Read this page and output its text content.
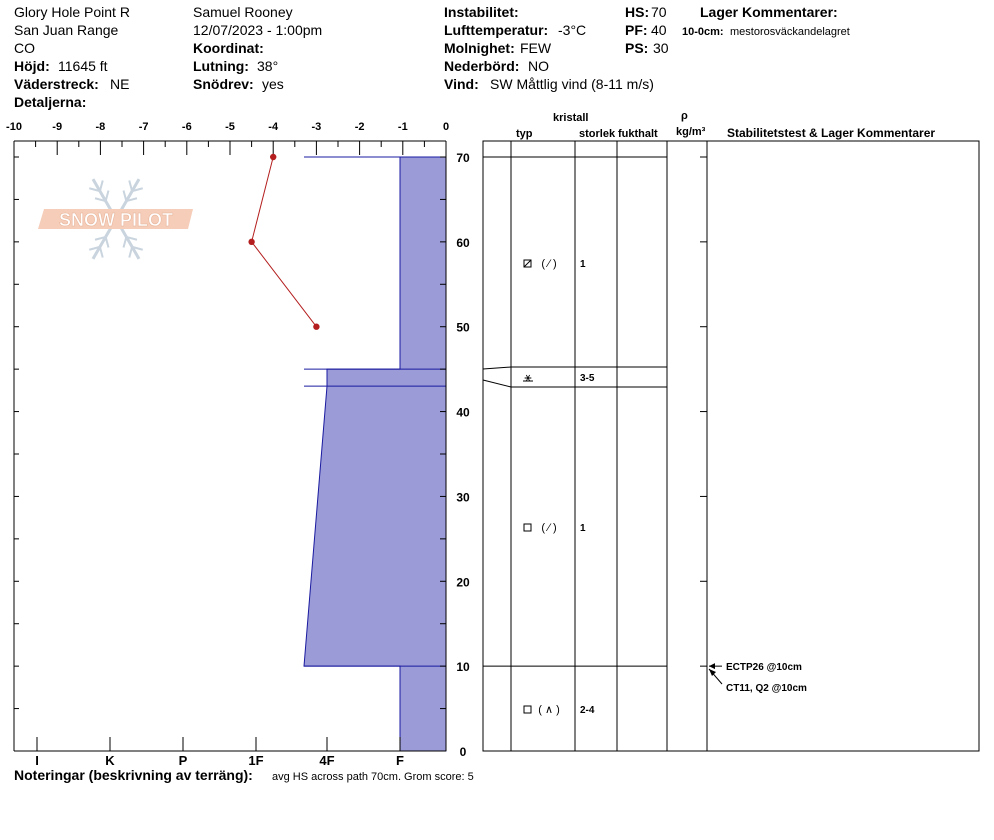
Glory Hole Point R
San Juan Range
CO
Höjd: 11645 ft
Väderstreck: NE
Detaljerna:
Samuel Rooney
12/07/2023 - 1:00pm
Koordinat:
Lutning: 38°
Snödrev: yes
Instabilitet:
Lufttemperatur: -3°C
Molnighet: FEW
Nederbörd: NO
Vind: SW Måttlig vind (8-11 m/s)
HS: 70
PF: 40
PS: 30
Lager Kommentarer:
10-0cm: mestorosväckandelagret
kristall
typ	storlek fukthalt
ρ
kg/m³ Stabilitetstest & Lager Kommentarer
SNOW PILOT
-10	-9	-8	-7	-6	-5	-4	-3	-2	-1	0
0
10
20
30
40
50
60
70
I	K	P	1F	4F	F
( ⁄ ) 1
⚹	3-5
( ⁄ ) 1
( ∧ ) 2-4
ECTP26 @10cm
CT11, Q2 @10cm
Noteringar (beskrivning av terräng): avg HS across path 70cm. Grom score: 5
